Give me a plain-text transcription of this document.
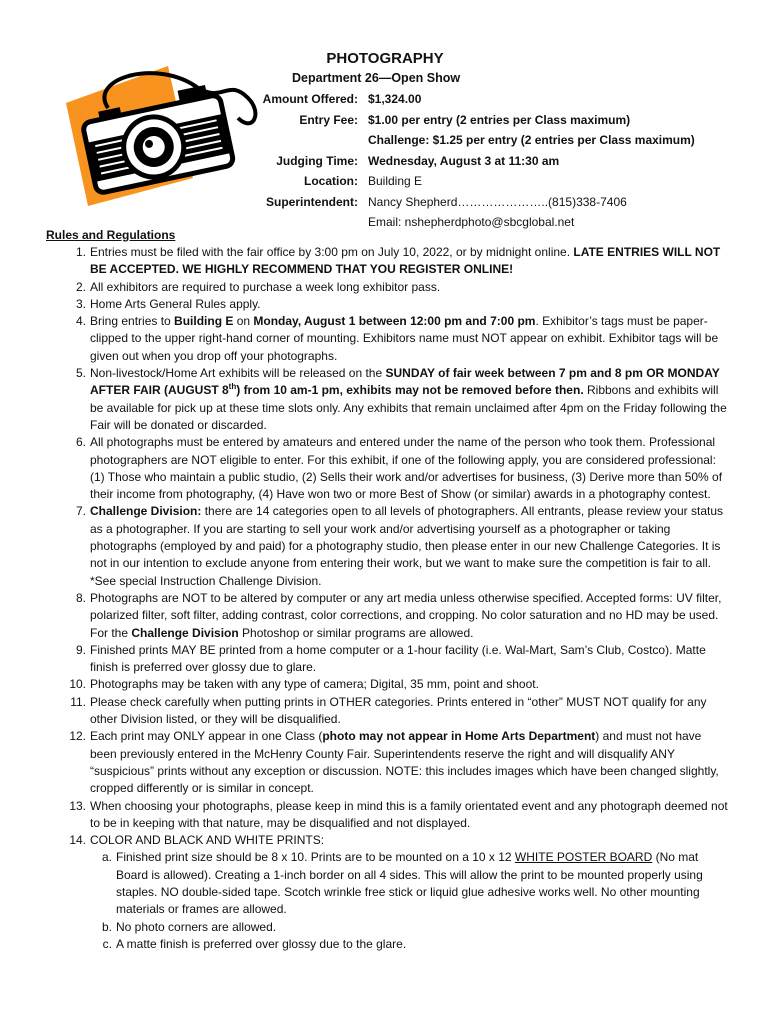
PHOTOGRAPHY
Department 26—Open Show
Amount Offered: $1,324.00
Entry Fee: $1.00 per entry (2 entries per Class maximum)
Challenge: $1.25 per entry (2 entries per Class maximum)
Judging Time: Wednesday, August 3 at 11:30 am
Location: Building E
Superintendent: Nancy Shepherd…………………..(815)338-7406
Email: nshepherdphoto@sbcglobal.net
Rules and Regulations
1. Entries must be filed with the fair office by 3:00 pm on July 10, 2022, or by midnight online. LATE ENTRIES WILL NOT BE ACCEPTED. WE HIGHLY RECOMMEND THAT YOU REGISTER ONLINE!
2. All exhibitors are required to purchase a week long exhibitor pass.
3. Home Arts General Rules apply.
4. Bring entries to Building E on Monday, August 1 between 12:00 pm and 7:00 pm. Exhibitor’s tags must be paper-clipped to the upper right-hand corner of mounting. Exhibitors name must NOT appear on exhibit. Exhibitor tags will be given out when you drop off your photographs.
5. Non-livestock/Home Art exhibits will be released on the SUNDAY of fair week between 7 pm and 8 pm OR MONDAY AFTER FAIR (AUGUST 8th) from 10 am-1 pm, exhibits may not be removed before then. Ribbons and exhibits will be available for pick up at these time slots only. Any exhibits that remain unclaimed after 4pm on the Friday following the Fair will be donated or discarded.
6. All photographs must be entered by amateurs and entered under the name of the person who took them. Professional photographers are NOT eligible to enter. For this exhibit, if one of the following apply, you are considered professional: (1) Those who maintain a public studio, (2) Sells their work and/or advertises for business, (3) Derive more than 50% of their income from photography, (4) Have won two or more Best of Show (or similar) awards in a photography contest.
7. Challenge Division: there are 14 categories open to all levels of photographers. All entrants, please review your status as a photographer. If you are starting to sell your work and/or advertising yourself as a photographer or taking photographs (employed by and paid) for a photography studio, then please enter in our new Challenge Categories. It is not in our intention to exclude anyone from entering their work, but we want to make sure the competition is fair to all. *See special Instruction Challenge Division.
8. Photographs are NOT to be altered by computer or any art media unless otherwise specified. Accepted forms: UV filter, polarized filter, soft filter, adding contrast, color corrections, and cropping. No color saturation and no HD may be used. For the Challenge Division Photoshop or similar programs are allowed.
9. Finished prints MAY BE printed from a home computer or a 1-hour facility (i.e. Wal-Mart, Sam’s Club, Costco). Matte finish is preferred over glossy due to glare.
10. Photographs may be taken with any type of camera; Digital, 35 mm, point and shoot.
11. Please check carefully when putting prints in OTHER categories. Prints entered in “other” MUST NOT qualify for any other Division listed, or they will be disqualified.
12. Each print may ONLY appear in one Class (photo may not appear in Home Arts Department) and must not have been previously entered in the McHenry County Fair. Superintendents reserve the right and will disqualify ANY “suspicious” prints without any exception or discussion. NOTE: this includes images which have been changed slightly, cropped differently or is similar in concept.
13. When choosing your photographs, please keep in mind this is a family orientated event and any photograph deemed not to be in keeping with that nature, may be disqualified and not displayed.
14. COLOR AND BLACK AND WHITE PRINTS:
a. Finished print size should be 8 x 10. Prints are to be mounted on a 10 x 12 WHITE POSTER BOARD (No mat Board is allowed). Creating a 1-inch border on all 4 sides. This will allow the print to be mounted properly using staples. NO double-sided tape. Scotch wrinkle free stick or liquid glue adhesive works well. No other mounting materials or frames are allowed.
b. No photo corners are allowed.
c. A matte finish is preferred over glossy due to the glare.
